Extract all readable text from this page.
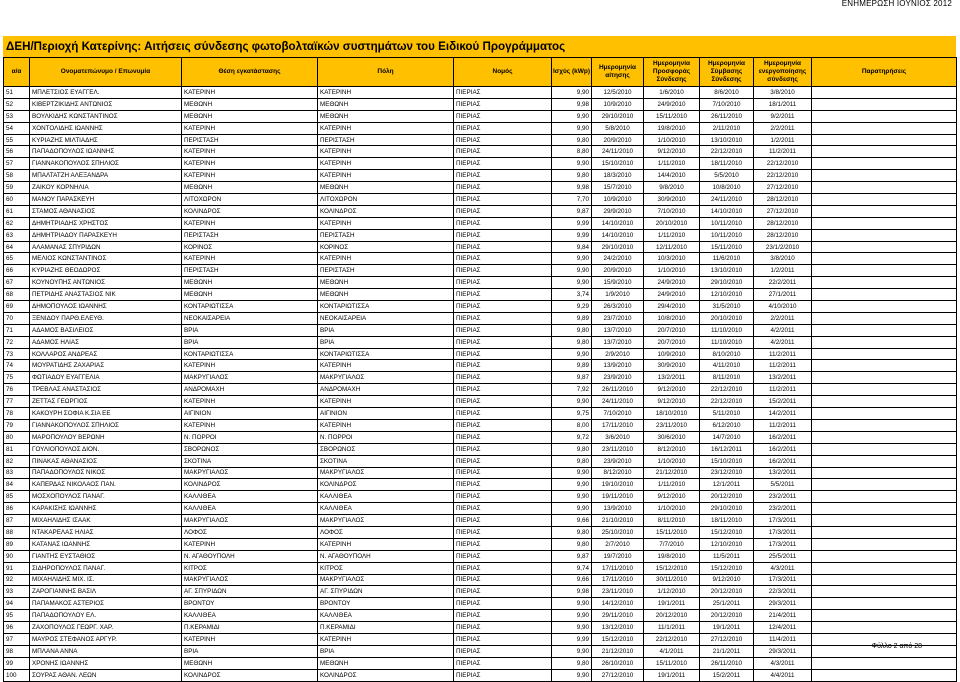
ΕΝΗΜΕΡΩΣΗ ΙΟΥΝΙΟΣ 2012
ΔΕΗ/Περιοχή Κατερίνης: Αιτήσεις σύνδεσης φωτοβολταϊκών συστημάτων του Ειδικού Προγράμματος
α/α	Ονοματεπώνυμο / Επωνυμία	Θέση εγκατάστασης	Πόλη	Νομός	Ισχύς (kWp)	Ημερομηνία αίτησης	Ημερομηνία Προσφοράς Σύνδεσης	Ημερομηνία Σύμβασης Σύνδεσης	Ημερομηνία ενεργοποίησης σύνδεσης	Παρατηρήσεις
51	ΜΠΛΕΤΣΙΟΣ ΕΥΑΓΓΕΛ.	ΚΑΤΕΡΙΝΗ	ΚΑΤΕΡΙΝΗ	ΠΙΕΡΙΑΣ	9,90	12/5/2010	1/6/2010	8/6/2010	3/8/2010	
52	ΚΙΒΕΡΤΖΙΚΙΔΗΣ ΑΝΤΩΝΙΟΣ	ΜΕΘΩΝΗ	ΜΕΘΩΝΗ	ΠΙΕΡΙΑΣ	9,98	10/9/2010	24/9/2010	7/10/2010	18/1/2011	
53	ΒΟΥΛΚΙΔΗΣ ΚΩΝΣΤΑΝΤΙΝΟΣ	ΜΕΘΩΝΗ	ΜΕΘΩΝΗ	ΠΙΕΡΙΑΣ	9,90	29/10/2010	15/11/2010	26/11/2010	9/2/2011	
54	ΧΟΝΤΟΛΙΔΗΣ ΙΩΑΝΝΗΣ	ΚΑΤΕΡΙΝΗ	ΚΑΤΕΡΙΝΗ	ΠΙΕΡΙΑΣ	9,90	5/8/2010	19/8/2010	2/11/2010	2/2/2011	
55	ΚΥΡΙΑΖΗΣ ΜΙΛΤΙΑΔΗΣ	ΠΕΡΙΣΤΑΣΗ	ΠΕΡΙΣΤΑΣΗ	ΠΙΕΡΙΑΣ	9,80	20/9/2010	1/10/2010	13/10/2010	1/2/2011	
56	ΠΑΠΑΔΟΠΟΥΛΟΣ ΙΩΑΝΝΗΣ	ΚΑΤΕΡΙΝΗ	ΚΑΤΕΡΙΝΗ	ΠΙΕΡΙΑΣ	8,80	24/11/2010	9/12/2010	22/12/2010	11/2/2011	
57	ΓΙΑΝΝΑΚΟΠΟΥΛΟΣ ΣΠΗΛΙΟΣ	ΚΑΤΕΡΙΝΗ	ΚΑΤΕΡΙΝΗ	ΠΙΕΡΙΑΣ	9,90	15/10/2010	1/11/2010	18/11/2010	22/12/2010	
58	ΜΠΑΛΤΑΤΖΗ ΑΛΕΞΑΝΔΡΑ	ΚΑΤΕΡΙΝΗ	ΚΑΤΕΡΙΝΗ	ΠΙΕΡΙΑΣ	9,80	18/3/2010	14/4/2010	5/5/2010	22/12/2010	
59	ΖΑΙΚΟΥ ΚΟΡΝΗΛΙΑ	ΜΕΘΩΝΗ	ΜΕΘΩΝΗ	ΠΙΕΡΙΑΣ	9,98	15/7/2010	9/8/2010	10/8/2010	27/12/2010	
60	ΜΑΝΟΥ ΠΑΡΑΣΚΕΥΗ	ΛΙΤΟΧΩΡΟΝ	ΛΙΤΟΧΩΡΟΝ	ΠΙΕΡΙΑΣ	7,70	10/9/2010	30/9/2010	24/11/2010	28/12/2010	
61	ΣΤΑΜΟΣ ΑΘΑΝΑΣΙΟΣ	ΚΟΛΙΝΔΡΟΣ	ΚΟΛΙΝΔΡΟΣ	ΠΙΕΡΙΑΣ	9,87	29/9/2010	7/10/2010	14/10/2010	27/12/2010	
62	ΔΗΜΗΤΡΙΑΔΗΣ ΧΡΗΣΤΟΣ	ΚΑΤΕΡΙΝΗ	ΚΑΤΕΡΙΝΗ	ΠΙΕΡΙΑΣ	9,99	14/10/2010	20/10/2010	10/11/2010	28/12/2010	
63	ΔΗΜΗΤΡΙΑΔΟΥ ΠΑΡΑΣΚΕΥΗ	ΠΕΡΙΣΤΑΣΗ	ΠΕΡΙΣΤΑΣΗ	ΠΙΕΡΙΑΣ	9,99	14/10/2010	1/11/2010	10/11/2010	28/12/2010	
64	ΑΛΑΜΑΝΑΣ ΣΠΥΡΙΔΩΝ	ΚΟΡΙΝΟΣ	ΚΟΡΙΝΟΣ	ΠΙΕΡΙΑΣ	9,84	29/10/2010	12/11/2010	15/11/2010	23/1/2/2010	
65	ΜΕΛΙΟΣ ΚΩΝΣΤΑΝΤΙΝΟΣ	ΚΑΤΕΡΙΝΗ	ΚΑΤΕΡΙΝΗ	ΠΙΕΡΙΑΣ	9,90	24/2/2010	10/3/2010	11/6/2010	3/8/2010	
66	ΚΥΡΙΑΖΗΣ ΘΕΟΔΩΡΟΣ	ΠΕΡΙΣΤΑΣΗ	ΠΕΡΙΣΤΑΣΗ	ΠΙΕΡΙΑΣ	9,90	20/9/2010	1/10/2010	13/10/2010	1/2/2011	
67	ΚΟΥΝΟΥΠΗΣ ΑΝΤΩΝΙΟΣ	ΜΕΘΩΝΗ	ΜΕΘΩΝΗ	ΠΙΕΡΙΑΣ	9,90	15/9/2010	24/9/2010	29/10/2010	22/2/2011	
68	ΠΕΤΡΙΔΗΣ ΑΝΑΣΤΑΣΙΟΣ ΝΙΚ	ΜΕΘΩΝΗ	ΜΕΘΩΝΗ	ΠΙΕΡΙΑΣ	3,74	1/9/2010	24/9/2010	12/10/2010	27/1/2011	
69	ΔΗΜΟΠΟΥΛΟΣ ΙΩΑΝΝΗΣ	ΚΟΝΤΑΡΙΩΤΙΣΣΑ	ΚΟΝΤΑΡΙΩΤΙΣΣΑ	ΠΙΕΡΙΑΣ	9,29	26/3/2010	29/4/2010	31/5/2010	4/10/2010	
70	ΞΕΝΙΔΟΥ ΠΑΡΘ.ΕΛΕΥΘ.	ΝΕΟΚΑΙΣΑΡΕΙΑ	ΝΕΟΚΑΙΣΑΡΕΙΑ	ΠΙΕΡΙΑΣ	9,89	23/7/2010	10/8/2010	20/10/2010	2/2/2011	
71	ΑΔΑΜΟΣ ΒΑΣΙΛΕΙΟΣ	ΒΡΙΑ	ΒΡΙΑ	ΠΙΕΡΙΑΣ	9,80	13/7/2010	20/7/2010	11/10/2010	4/2/2011	
72	ΑΔΑΜΟΣ ΗΛΙΑΣ	ΒΡΙΑ	ΒΡΙΑ	ΠΙΕΡΙΑΣ	9,80	13/7/2010	20/7/2010	11/10/2010	4/2/2011	
73	ΚΟΛΛΑΡΟΣ ΑΝΔΡΕΑΣ	ΚΟΝΤΑΡΙΩΤΙΣΣΑ	ΚΟΝΤΑΡΙΩΤΙΣΣΑ	ΠΙΕΡΙΑΣ	9,90	2/9/2010	10/9/2010	8/10/2010	11/2/2011	
74	ΜΟΥΡΑΤΙΔΗΣ ΖΑΧΑΡΙΑΣ	ΚΑΤΕΡΙΝΗ	ΚΑΤΕΡΙΝΗ	ΠΙΕΡΙΑΣ	9,89	13/9/2010	30/9/2010	4/11/2010	11/2/2011	
75	ΦΩΤΙΑΔΟΥ ΕΥΑΓΓΕΛΙΑ	ΜΑΚΡΥΓΙΑΛΟΣ	ΜΑΚΡΥΓΙΑΛΟΣ	ΠΙΕΡΙΑΣ	9,87	23/9/2010	13/2/2011	8/11/2010	13/2/2011	
76	ΤΡΕΒΛΑΣ ΑΝΑΣΤΑΣΙΟΣ	ΑΝΔΡΟΜΑΧΗ	ΑΝΔΡΟΜΑΧΗ	ΠΙΕΡΙΑΣ	7,92	26/11/2010	9/12/2010	22/12/2010	11/2/2011	
77	ΖΕΤΤΑΣ ΓΕΩΡΓΙΟΣ	ΚΑΤΕΡΙΝΗ	ΚΑΤΕΡΙΝΗ	ΠΙΕΡΙΑΣ	9,90	24/11/2010	9/12/2010	22/12/2010	15/2/2011	
78	ΚΑΚΟΥΡΗ ΣΟΦΙΑ Κ.ΣΙΑ ΕΕ	ΑΙΓΙΝΙΟΝ	ΑΙΓΙΝΙΟΝ	ΠΙΕΡΙΑΣ	9,75	7/10/2010	18/10/2010	5/11/2010	14/2/2011	
79	ΓΙΑΝΝΑΚΟΠΟΥΛΟΣ ΣΠΗΛΙΟΣ	ΚΑΤΕΡΙΝΗ	ΚΑΤΕΡΙΝΗ	ΠΙΕΡΙΑΣ	8,00	17/11/2010	23/11/2010	6/12/2010	11/2/2011	
80	ΜΑΡΟΠΟΥΛΟΥ ΒΕΡΩΝΗ	Ν. ΠΟΡΡΟΙ	Ν. ΠΟΡΡΟΙ	ΠΙΕΡΙΑΣ	9,72	3/6/2010	30/6/2010	14/7/2010	16/2/2011	
81	ΓΟΥΛΙΟΠΟΥΛΟΣ ΔΙΟΝ.	ΣΒΟΡΩΝΟΣ	ΣΒΟΡΩΝΟΣ	ΠΙΕΡΙΑΣ	9,80	23/11/2010	8/12/2010	16/12/2011	16/2/2011	
82	ΠΙΝΑΚΑΣ ΑΘΑΝΑΣΙΟΣ	ΣΚΟΤΙΝΑ	ΣΚΟΤΙΝΑ	ΠΙΕΡΙΑΣ	9,80	23/9/2010	1/10/2010	15/10/2010	16/2/2011	
83	ΠΑΠΑΔΟΠΟΥΛΟΣ ΝΙΚΟΣ	ΜΑΚΡΥΓΙΑΛΟΣ	ΜΑΚΡΥΓΙΑΛΟΣ	ΠΙΕΡΙΑΣ	9,90	8/12/2010	21/12/2010	23/12/2010	13/2/2011	
84	ΚΑΠΕΡΔΑΣ ΝΙΚΟΛΑΟΣ ΠΑΝ.	ΚΟΛΙΝΔΡΟΣ	ΚΟΛΙΝΔΡΟΣ	ΠΙΕΡΙΑΣ	9,90	19/10/2010	1/11/2010	12/1/2011	5/5/2011	
85	ΜΟΣΧΟΠΟΥΛΟΣ ΠΑΝΑΓ.	ΚΑΛΛΙΘΕΑ	ΚΑΛΛΙΘΕΑ	ΠΙΕΡΙΑΣ	9,90	19/11/2010	9/12/2010	20/12/2010	23/2/2011	
86	ΚΑΡΑΚΙΣΗΣ ΙΩΑΝΝΗΣ	ΚΑΛΛΙΘΕΑ	ΚΑΛΛΙΘΕΑ	ΠΙΕΡΙΑΣ	9,90	13/9/2010	1/10/2010	29/10/2010	23/2/2011	
87	ΜΙΧΑΗΛΙΔΗΣ ΙΣΑΑΚ	ΜΑΚΡΥΓΙΑΛΟΣ	ΜΑΚΡΥΓΙΑΛΟΣ	ΠΙΕΡΙΑΣ	9,66	21/10/2010	8/11/2010	18/11/2010	17/3/2011	
88	ΝΤΑΚΑΡΕΛΑΣ ΗΛΙΑΣ	ΛΟΦΟΣ	ΛΟΦΟΣ	ΠΙΕΡΙΑΣ	9,80	25/10/2010	15/11/2010	15/12/2010	17/3/2011	
89	ΚΑΤΑΝΑΣ ΙΩΑΝΝΗΣ	ΚΑΤΕΡΙΝΗ	ΚΑΤΕΡΙΝΗ	ΠΙΕΡΙΑΣ	9,80	2/7/2010	7/7/2010	12/10/2010	17/3/2011	
90	ΓΙΑΝΤΗΣ ΕΥΣΤΑΘΙΟΣ	Ν. ΑΓΑΘΟΥΠΟΛΗ	Ν. ΑΓΑΘΟΥΠΟΛΗ	ΠΙΕΡΙΑΣ	9,87	19/7/2010	19/8/2010	11/5/2011	25/5/2011	
91	ΣΙΔΗΡΟΠΟΥΛΟΣ ΠΑΝΑΓ.	ΚΙΤΡΟΣ	ΚΙΤΡΟΣ	ΠΙΕΡΙΑΣ	9,74	17/11/2010	15/12/2010	15/12/2010	4/3/2011	
92	ΜΙΧΑΗΛΙΔΗΣ ΜΙΧ. ΙΣ.	ΜΑΚΡΥΓΙΑΛΟΣ	ΜΑΚΡΥΓΙΑΛΟΣ	ΠΙΕΡΙΑΣ	9,66	17/11/2010	30/11/2010	9/12/2010	17/3/2011	
93	ΖΑΡΟΓΙΑΝΝΗΣ ΒΑΣΙΛ	ΑΓ. ΣΠΥΡΙΔΩΝ	ΑΓ. ΣΠΥΡΙΔΩΝ	ΠΙΕΡΙΑΣ	9,98	23/11/2010	1/12/2010	20/12/2010	22/3/2011	
94	ΠΑΠΑΜΑΚΟΣ ΑΣΤΕΡΙΟΣ	ΒΡΟΝΤΟΥ	ΒΡΟΝΤΟΥ	ΠΙΕΡΙΑΣ	9,90	14/12/2010	19/1/2011	25/1/2011	29/3/2011	
95	ΠΑΠΑΔΟΠΟΥΛΟΥ ΕΛ.	ΚΑΛΛΙΘΕΑ	ΚΑΛΛΙΘΕΑ	ΠΙΕΡΙΑΣ	9,90	29/11/2010	20/12/2010	20/12/2010	21/4/2011	
96	ΖΑΧΟΠΟΥΛΟΣ ΓΕΩΡΓ. ΧΑΡ.	Π.ΚΕΡΑΜΙΔΙ	Π.ΚΕΡΑΜΙΔΙ	ΠΙΕΡΙΑΣ	9,90	13/12/2010	11/1/2011	19/1/2011	12/4/2011	
97	ΜΑΥΡΟΣ ΣΤΕΦΑΝΟΣ ΑΡΓΥΡ.	ΚΑΤΕΡΙΝΗ	ΚΑΤΕΡΙΝΗ	ΠΙΕΡΙΑΣ	9,99	15/12/2010	22/12/2010	27/12/2010	11/4/2011	
98	ΜΠΛΑΝΑ ΑΝΝΑ	ΒΡΙΑ	ΒΡΙΑ	ΠΙΕΡΙΑΣ	9,90	21/12/2010	4/1/2011	21/1/2011	29/3/2011	
99	ΧΡΟΝΗΣ ΙΩΑΝΝΗΣ	ΜΕΘΩΝΗ	ΜΕΘΩΝΗ	ΠΙΕΡΙΑΣ	9,80	26/10/2010	15/11/2010	26/11/2010	4/3/2011	
100	ΣΟΥΡΑΣ ΑΘΑΝ. ΛΕΩΝ	ΚΟΛΙΝΔΡΟΣ	ΚΟΛΙΝΔΡΟΣ	ΠΙΕΡΙΑΣ	9,90	27/12/2010	19/1/2011	15/2/2011	4/4/2011	
Φύλλο 2 από 28
